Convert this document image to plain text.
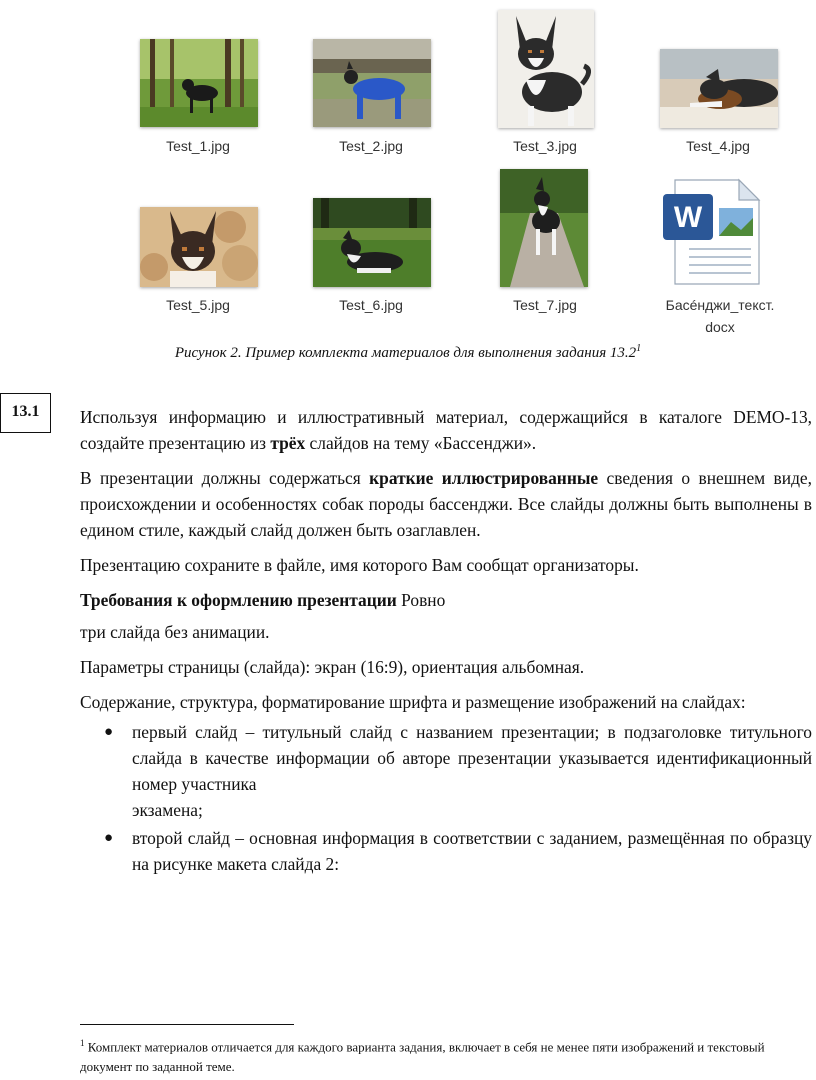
Test_1.jpg	Test_2.jpg	Test_3.jpg	Test_4.jpg
Test_5.jpg	Test_6.jpg	Test_7.jpg
W
Басéнджи_текст.
docx
Рисунок 2. Пример комплекта материалов для выполнения задания 13.2$^1$
13.1	Используя информацию и иллюстративный материал, содержащийся в каталоге DEMO-13, создайте презентацию из трёх слайдов на тему «Бассенджи».

В презентации должны содержаться краткие иллюстрированные сведения о внешнем виде, происхождении и особенностях собак породы бассенджи. Все слайды должны быть выполнены в едином стиле, каждый слайд должен быть озаглавлен.

Презентацию сохраните в файле, имя которого Вам сообщат организаторы.

Требования к оформлению презентации Ровно

три слайда без анимации.

Параметры страницы (слайда): экран (16:9), ориентация альбомная.

Содержание, структура, форматирование шрифта и размещение изображений на слайдах:

● первый слайд – титульный слайд с названием презентации; в подзаголовке титульного слайда в качестве информации об авторе презентации указывается идентификационный номер участника
экзамена;
● второй слайд – основная информация в соответствии с заданием, размещённая по образцу на рисунке макета слайда 2:
$^1$ Комплект материалов отличается для каждого варианта задания, включает в себя не менее пяти изображений и текстовый документ по заданной теме.
